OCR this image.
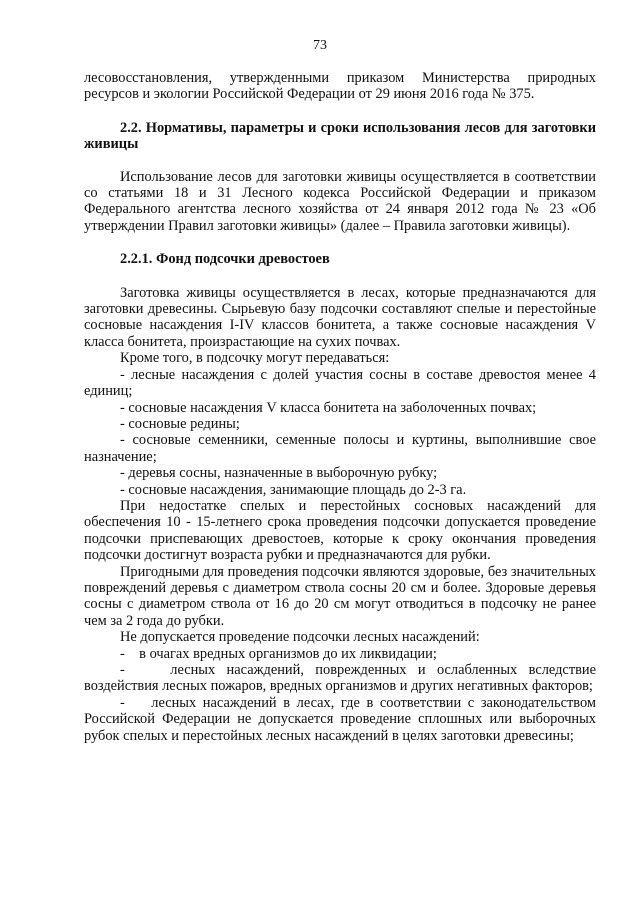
73

лесовосстановления, утвержденными приказом Министерства природных ресурсов и экологии Российской Федерации от 29 июня 2016 года № 375.

2.2. Нормативы, параметры и сроки использования лесов для заготовки живицы

Использование лесов для заготовки живицы осуществляется в соответствии со статьями 18 и 31 Лесного кодекса Российской Федерации и приказом Федерального агентства лесного хозяйства от 24 января 2012 года № 23 «Об утверждении Правил заготовки живицы» (далее – Правила заготовки живицы).

2.2.1. Фонд подсочки древостоев

Заготовка живицы осуществляется в лесах, которые предназначаются для заготовки древесины. Сырьевую базу подсочки составляют спелые и перестойные сосновые насаждения I-IV классов бонитета, а также сосновые насаждения V класса бонитета, произрастающие на сухих почвах.

Кроме того, в подсочку могут передаваться:

- лесные насаждения с долей участия сосны в составе древостоя менее 4 единиц;

- сосновые насаждения V класса бонитета на заболоченных почвах;

- сосновые редины;

- сосновые семенники, семенные полосы и куртины, выполнившие свое назначение;

- деревья сосны, назначенные в выборочную рубку;

- сосновые насаждения, занимающие площадь до 2-3 га.

При недостатке спелых и перестойных сосновых насаждений для обеспечения 10 - 15-летнего срока проведения подсочки допускается проведение подсочки приспевающих древостоев, которые к сроку окончания проведения подсочки достигнут возраста рубки и предназначаются для рубки.

Пригодными для проведения подсочки являются здоровые, без значительных повреждений деревья с диаметром ствола сосны 20 см и более. Здоровые деревья сосны с диаметром ствола от 16 до 20 см могут отводиться в подсочку не ранее чем за 2 года до рубки.

Не допускается проведение подсочки лесных насаждений:

-    в очагах вредных организмов до их ликвидации;

-    лесных насаждений, поврежденных и ослабленных вследствие воздействия лесных пожаров, вредных организмов и других негативных факторов;

-    лесных насаждений в лесах, где в соответствии с законодательством Российской Федерации не допускается проведение сплошных или выборочных рубок спелых и перестойных лесных насаждений в целях заготовки древесины;
